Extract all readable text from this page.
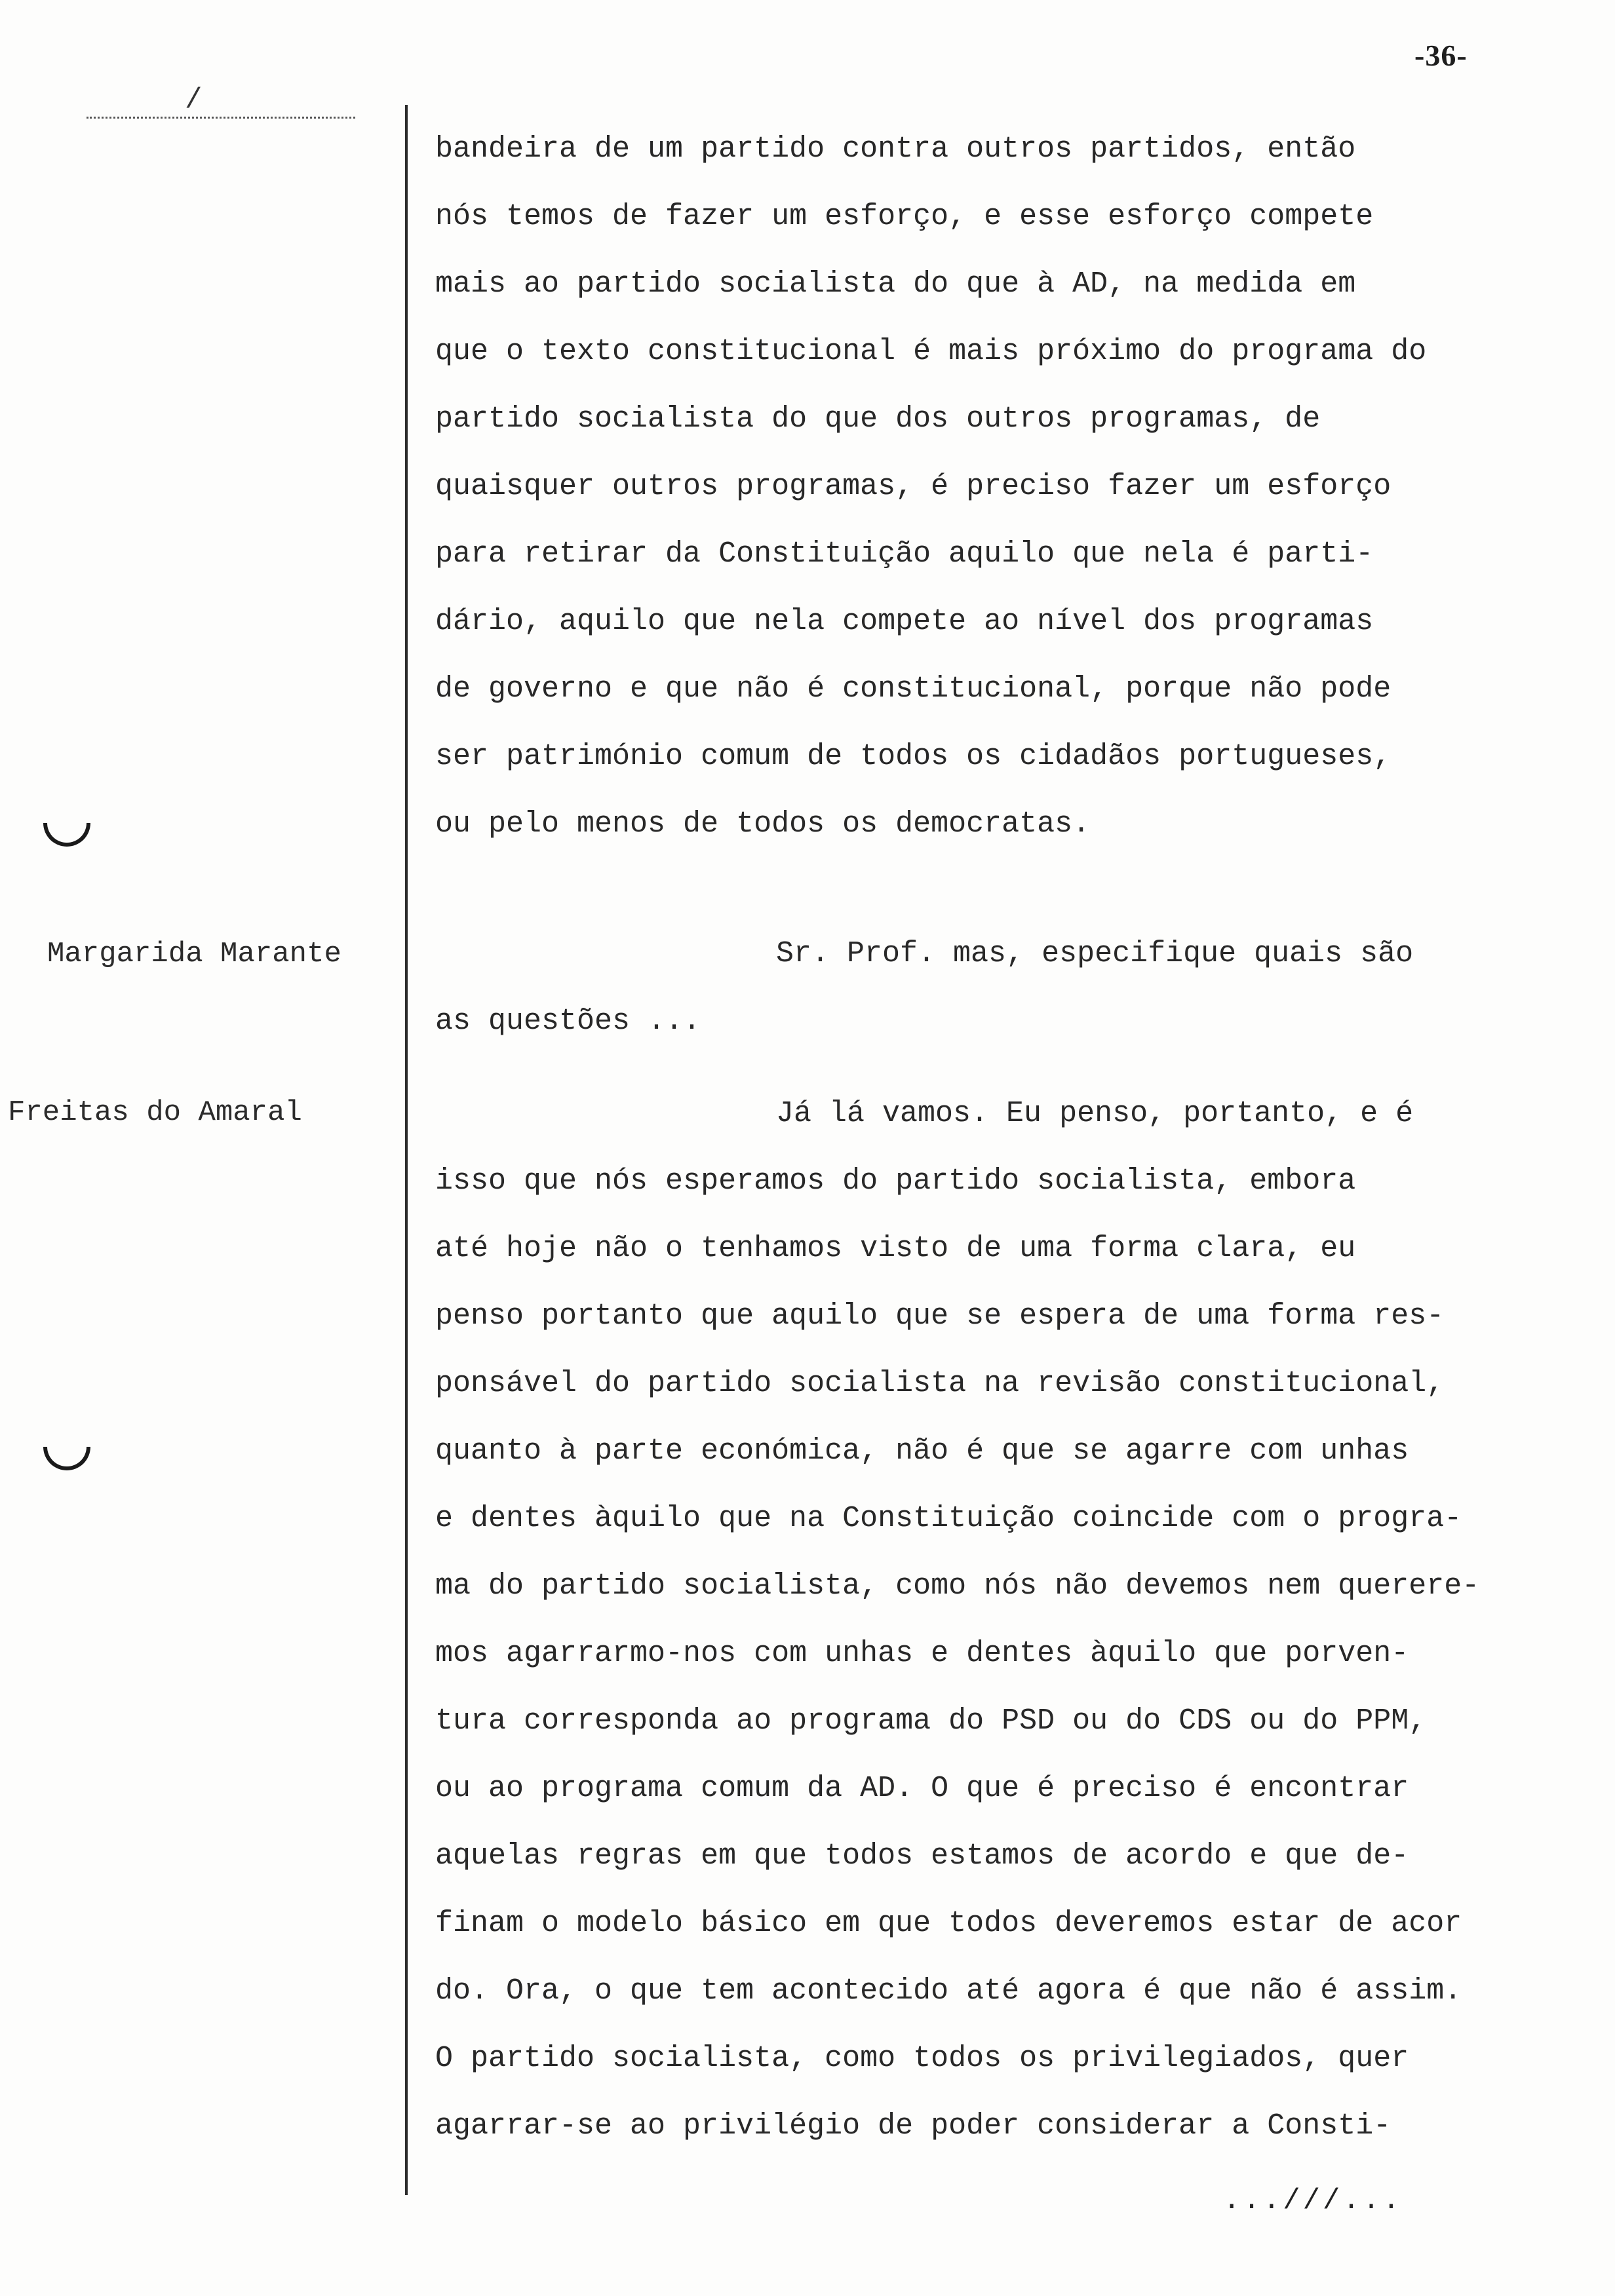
-36-
/
bandeira de um partido contra outros partidos, então
nós temos de fazer um esforço, e esse esforço compete
mais ao partido socialista do que à AD, na medida em
que o texto constitucional é mais próximo do programa do
partido socialista do que dos outros programas, de
quaisquer outros programas, é preciso fazer um esforço
para retirar da Constituição aquilo que nela é parti-
dário, aquilo que nela compete ao nível dos programas
de governo e que não é constitucional, porque não pode
ser património comum de todos os cidadãos portugueses,
ou pelo menos de todos os democratas.
Margarida Marante	Sr. Prof. mas, especifique quais são
as questões ...
Freitas do Amaral	Já lá vamos. Eu penso, portanto, e é
isso que nós esperamos do partido socialista, embora
até hoje não o tenhamos visto de uma forma clara, eu
penso portanto que aquilo que se espera de uma forma res-
ponsável do partido socialista na revisão constitucional,
quanto à parte económica, não é que se agarre com unhas
e dentes àquilo que na Constituição coincide com o progra-
ma do partido socialista, como nós não devemos nem querere-
mos agarrarmo-nos com unhas e dentes àquilo que porven-
tura corresponda ao programa do PSD ou do CDS ou do PPM,
ou ao programa comum da AD. O que é preciso é encontrar
aquelas regras em que todos estamos de acordo e que de-
finam o modelo básico em que todos deveremos estar de acor
do. Ora, o que tem acontecido até agora é que não é assim.
O partido socialista, como todos os privilegiados, quer
agarrar-se ao privilégio de poder considerar a Consti-
...///...
